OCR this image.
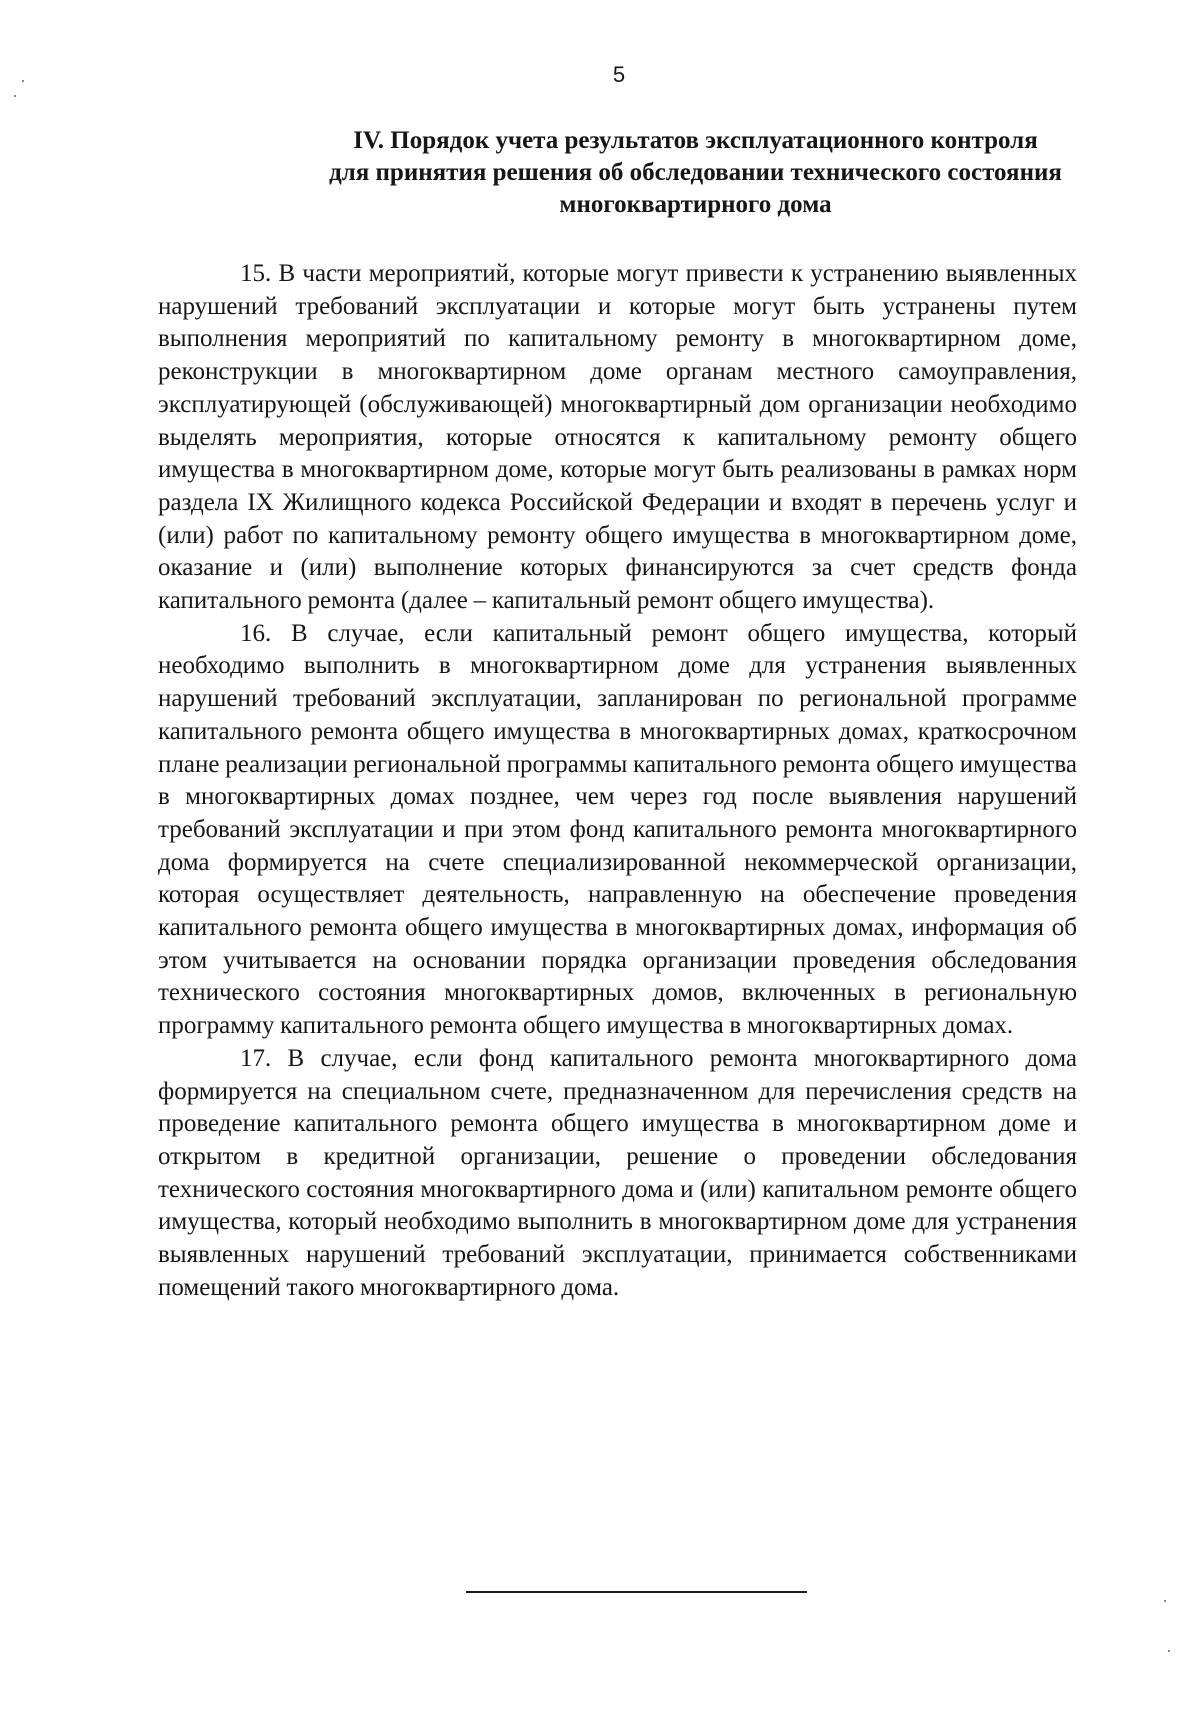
5
IV. Порядок учета результатов эксплуатационного контроля
для принятия решения об обследовании технического состояния
многоквартирного дома

15. В части мероприятий, которые могут привести к устранению выявленных нарушений требований эксплуатации и которые могут быть устранены путем выполнения мероприятий по капитальному ремонту в многоквартирном доме, реконструкции в многоквартирном доме органам местного самоуправления, эксплуатирующей (обслуживающей) многоквартирный дом организации необходимо выделять мероприятия, которые относятся к капитальному ремонту общего имущества в многоквартирном доме, которые могут быть реализованы в рамках норм раздела IX Жилищного кодекса Российской Федерации и входят в перечень услуг и (или) работ по капитальному ремонту общего имущества в многоквартирном доме, оказание и (или) выполнение которых финансируются за счет средств фонда капитального ремонта (далее – капитальный ремонт общего имущества).

16. В случае, если капитальный ремонт общего имущества, который необходимо выполнить в многоквартирном доме для устранения выявленных нарушений требований эксплуатации, запланирован по региональной программе капитального ремонта общего имущества в многоквартирных домах, краткосрочном плане реализации региональной программы капитального ремонта общего имущества в многоквартирных домах позднее, чем через год после выявления нарушений требований эксплуатации и при этом фонд капитального ремонта многоквартирного дома формируется на счете специализированной некоммерческой организации, которая осуществляет деятельность, направленную на обеспечение проведения капитального ремонта общего имущества в многоквартирных домах, информация об этом учитывается на основании порядка организации проведения обследования технического состояния многоквартирных домов, включенных в региональную программу капитального ремонта общего имущества в многоквартирных домах.

17. В случае, если фонд капитального ремонта многоквартирного дома формируется на специальном счете, предназначенном для перечисления средств на проведение капитального ремонта общего имущества в многоквартирном доме и открытом в кредитной организации, решение о проведении обследования технического состояния многоквартирного дома и (или) капитальном ремонте общего имущества, который необходимо выполнить в многоквартирном доме для устранения выявленных нарушений требований эксплуатации, принимается собственниками помещений такого многоквартирного дома.
